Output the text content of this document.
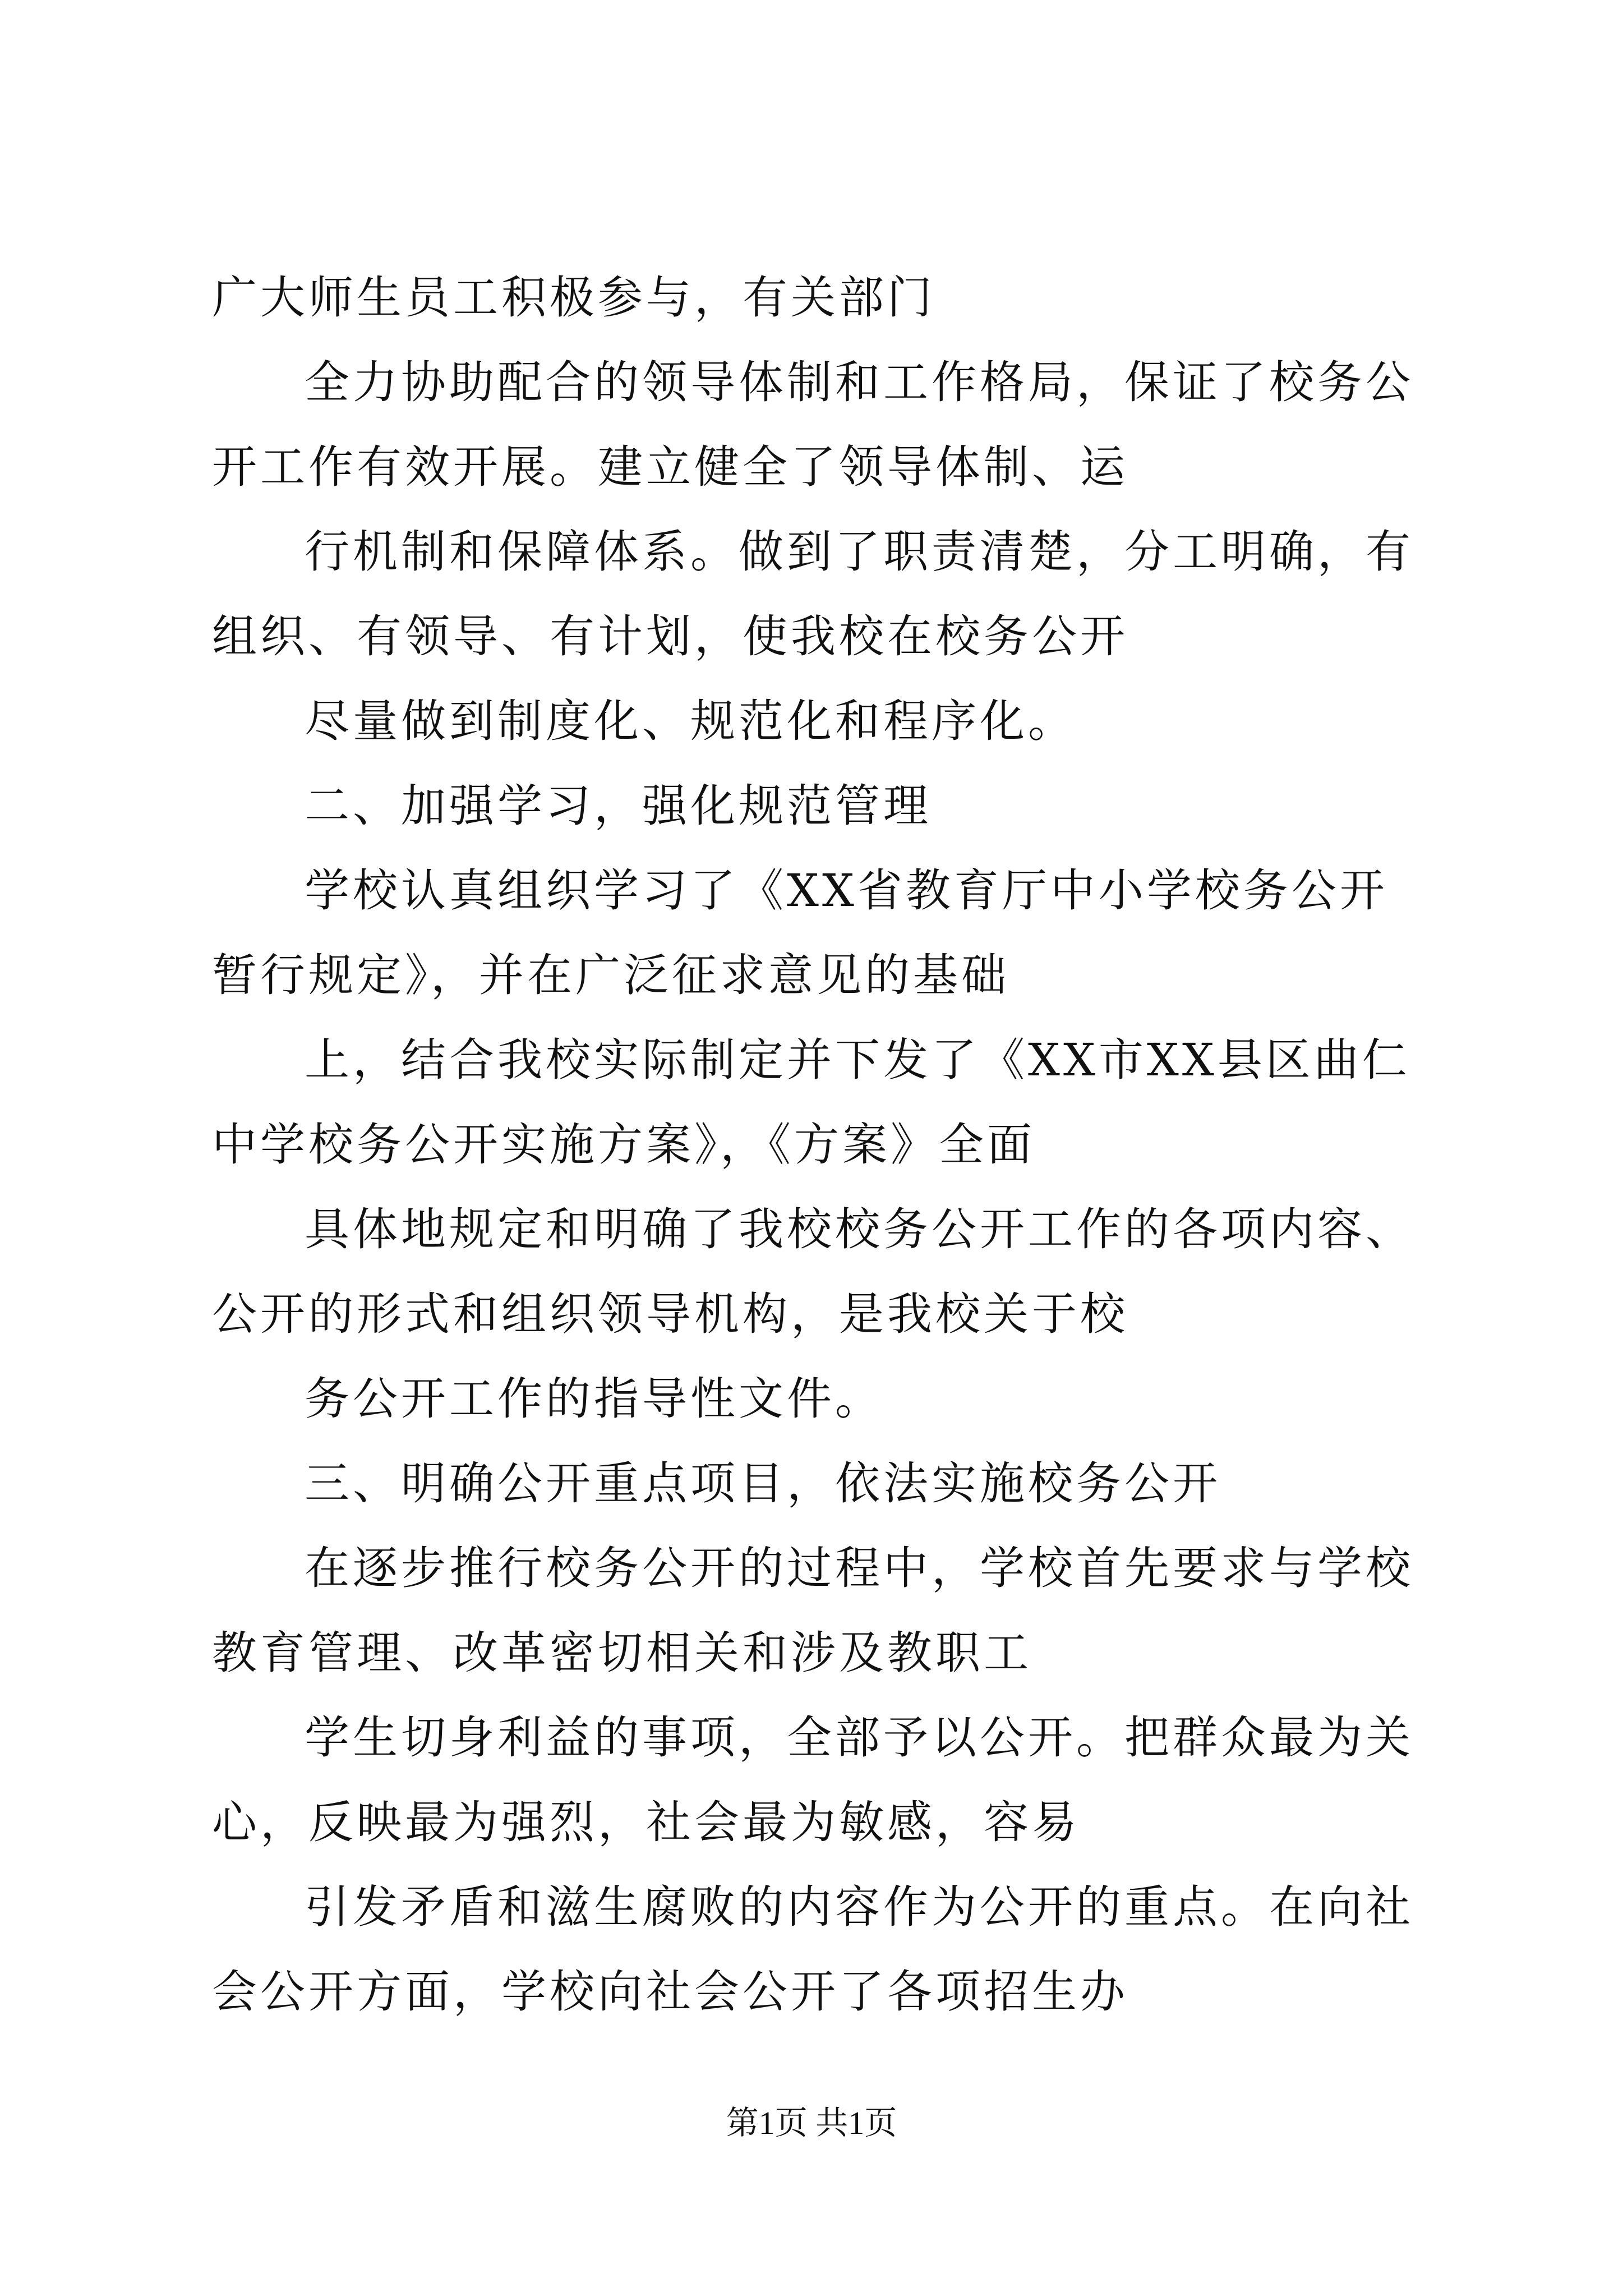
广大师生员工积极参与，有关部门

全力协助配合的领导体制和工作格局，保证了校务公开工作有效开展。建立健全了领导体制、运

行机制和保障体系。做到了职责清楚，分工明确，有组织、有领导、有计划，使我校在校务公开

尽量做到制度化、规范化和程序化。

二、加强学习，强化规范管理

学校认真组织学习了《XX省教育厅中小学校务公开暂行规定》，并在广泛征求意见的基础

上，结合我校实际制定并下发了《XX市XX县区曲仁中学校务公开实施方案》，《方案》全面

具体地规定和明确了我校校务公开工作的各项内容、公开的形式和组织领导机构，是我校关于校

务公开工作的指导性文件。

三、明确公开重点项目，依法实施校务公开

在逐步推行校务公开的过程中，学校首先要求与学校教育管理、改革密切相关和涉及教职工

学生切身利益的事项，全部予以公开。把群众最为关心，反映最为强烈，社会最为敏感，容易

引发矛盾和滋生腐败的内容作为公开的重点。在向社会公开方面，学校向社会公开了各项招生办

第1页 共1页
